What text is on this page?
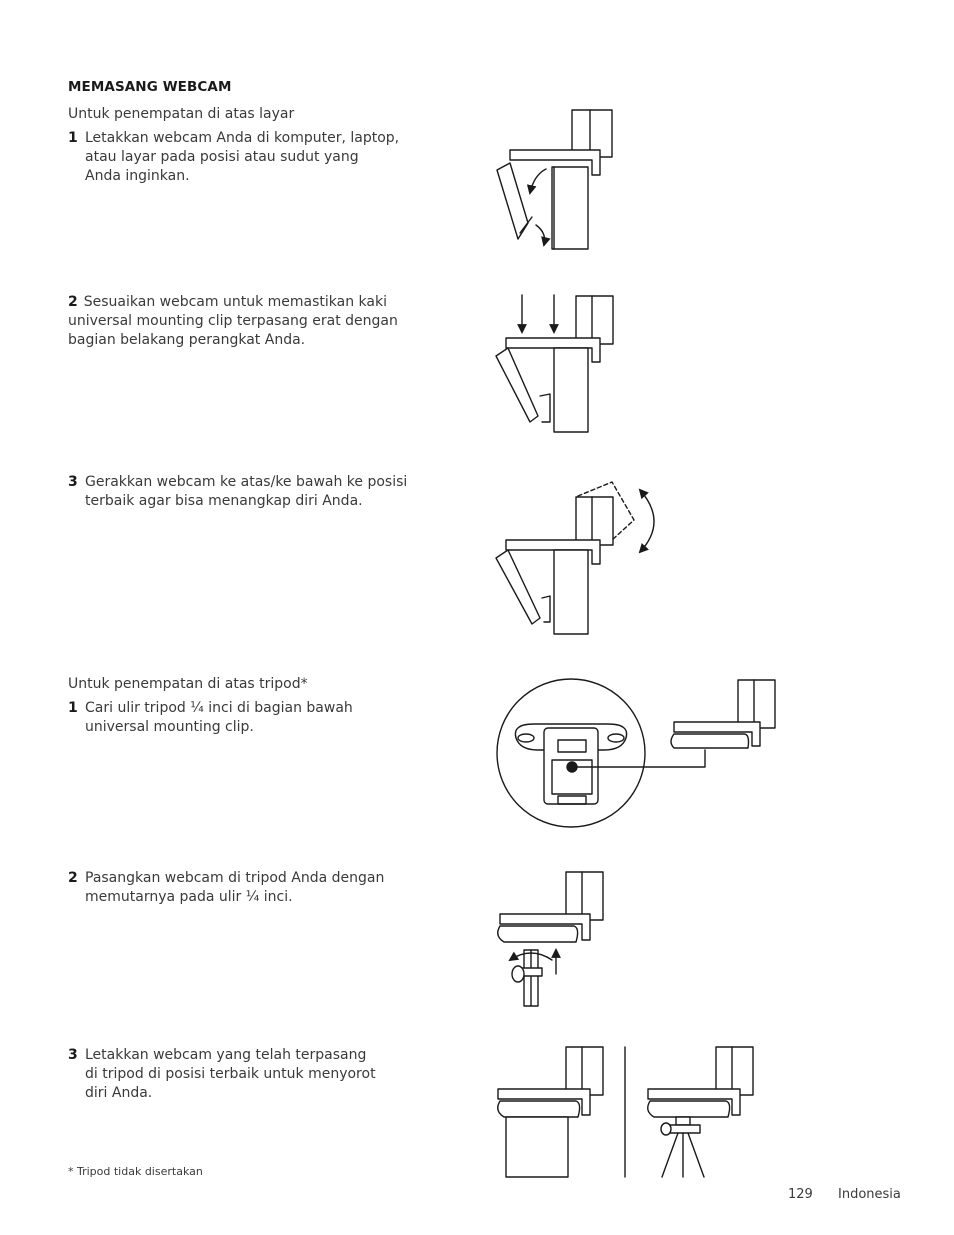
MEMASANG WEBCAM
Untuk penempatan di atas layar
1 Letakkan webcam Anda di komputer, laptop,
atau layar pada posisi atau sudut yang
Anda inginkan.
2 Sesuaikan webcam untuk memastikan kaki
universal mounting clip terpasang erat dengan
bagian belakang perangkat Anda.
3 Gerakkan webcam ke atas/ke bawah ke posisi
terbaik agar bisa menangkap diri Anda.
Untuk penempatan di atas tripod*
1 Cari ulir tripod ¼ inci di bagian bawah
universal mounting clip.
2 Pasangkan webcam di tripod Anda dengan
memutarnya pada ulir ¼ inci.
3 Letakkan webcam yang telah terpasang
di tripod di posisi terbaik untuk menyorot
diri Anda.
* Tripod tidak disertakan
129 Indonesia
